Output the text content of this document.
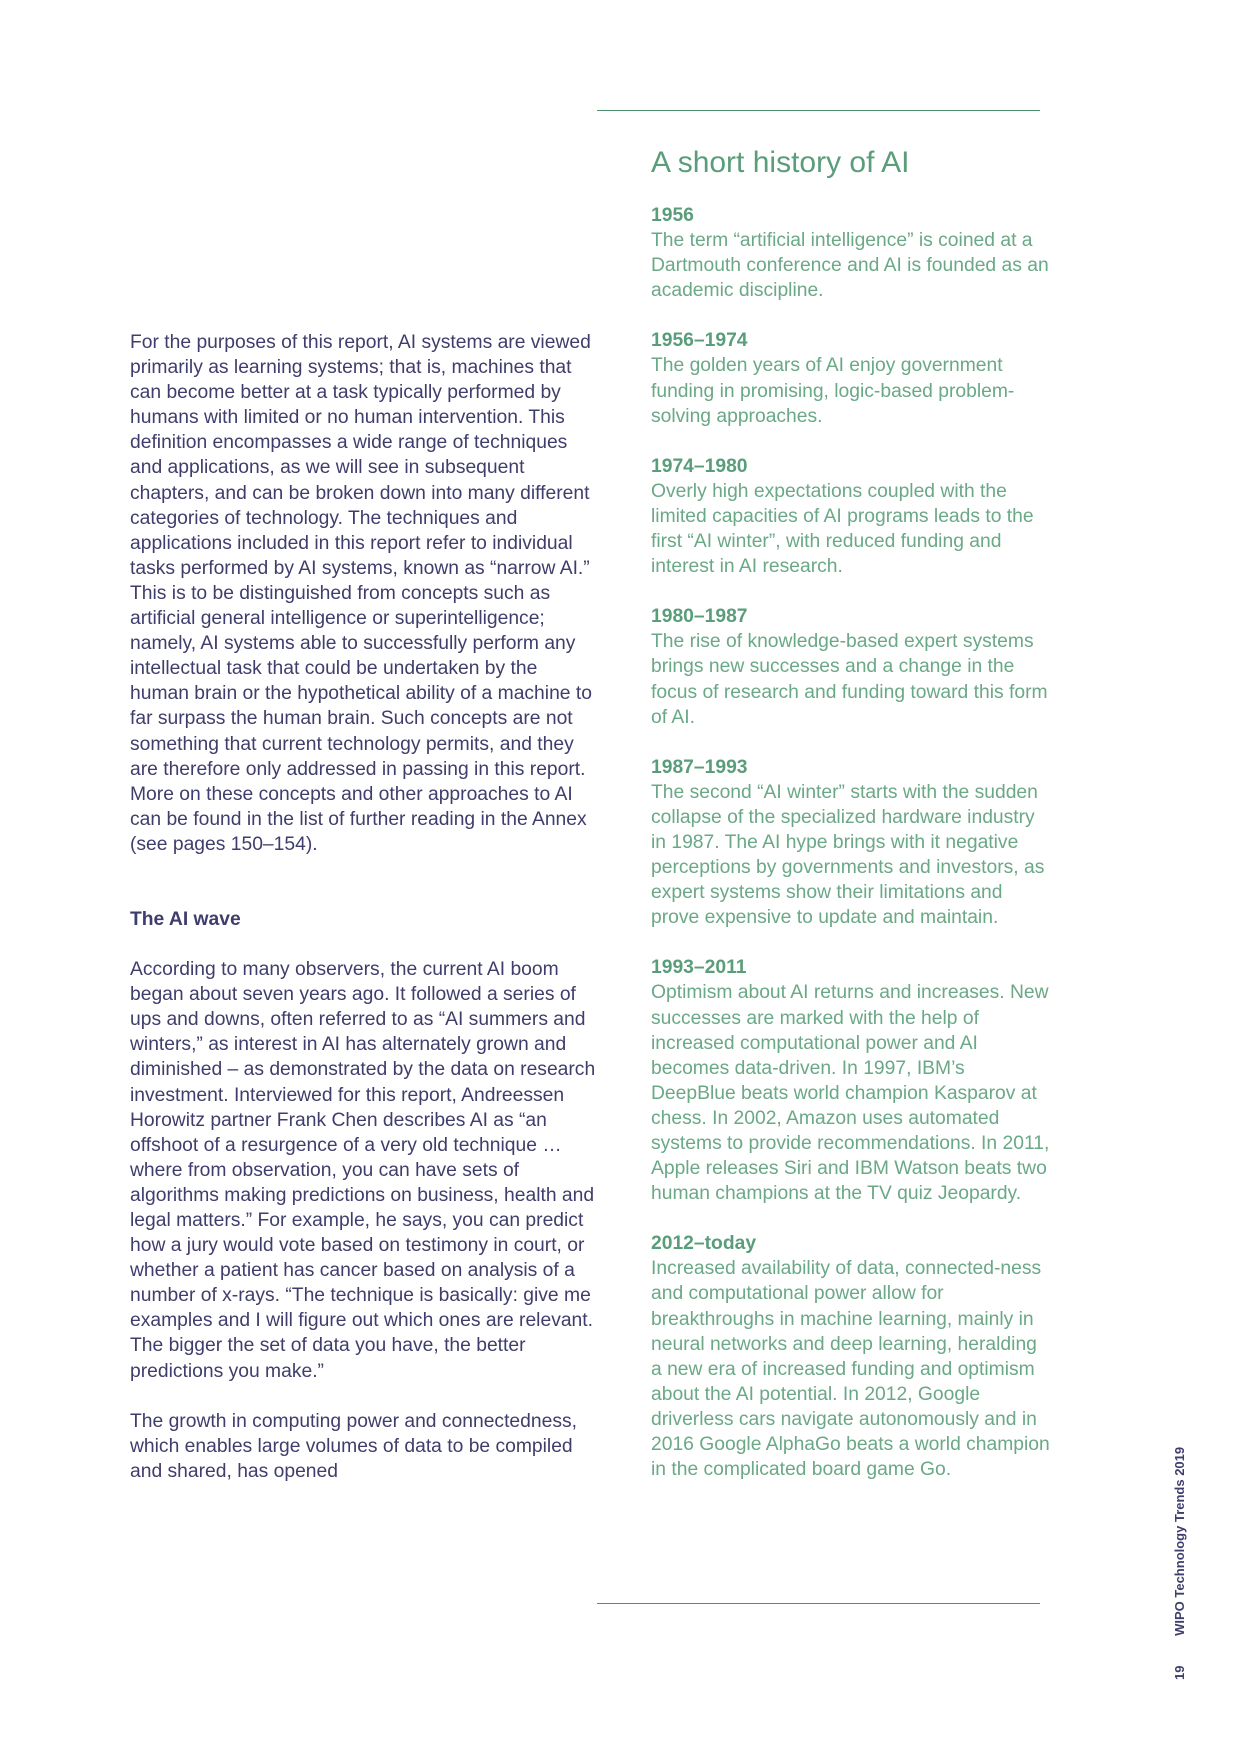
For the purposes of this report, AI systems are viewed primarily as learning systems; that is, machines that can become better at a task typically performed by humans with limited or no human intervention. This definition encompasses a wide range of techniques and applications, as we will see in subsequent chapters, and can be broken down into many different categories of technology. The techniques and applications included in this report refer to individual tasks performed by AI systems, known as “narrow AI.” This is to be distinguished from concepts such as artificial general intelligence or superintelligence; namely, AI systems able to successfully perform any intellectual task that could be undertaken by the human brain or the hypothetical ability of a machine to far surpass the human brain. Such concepts are not something that current technology permits, and they are therefore only addressed in passing in this report. More on these concepts and other approaches to AI can be found in the list of further reading in the Annex (see pages 150–154).

The AI wave

According to many observers, the current AI boom began about seven years ago. It followed a series of ups and downs, often referred to as “AI summers and winters,” as interest in AI has alternately grown and diminished – as demonstrated by the data on research investment. Interviewed for this report, Andreessen Horowitz partner Frank Chen describes AI as “an offshoot of a resurgence of a very old technique … where from observation, you can have sets of algorithms making predictions on business, health and legal matters.” For example, he says, you can predict how a jury would vote based on testimony in court, or whether a patient has cancer based on analysis of a number of x-rays. “The technique is basically: give me examples and I will figure out which ones are relevant. The bigger the set of data you have, the better predictions you make.”

The growth in computing power and connectedness, which enables large volumes of data to be compiled and shared, has opened

A short history of AI
1956

The term “artificial intelligence” is coined at a Dartmouth conference and AI is founded as an academic discipline.

1956–1974

The golden years of AI enjoy government funding in promising, logic-based problem-solving approaches.

1974–1980

Overly high expectations coupled with the limited capacities of AI programs leads to the first “AI winter”, with reduced funding and interest in AI research.

1980–1987

The rise of knowledge-based expert systems brings new successes and a change in the focus of research and funding toward this form of AI.

1987–1993

The second “AI winter” starts with the sudden collapse of the specialized hardware industry in 1987. The AI hype brings with it negative perceptions by governments and investors, as expert systems show their limitations and prove expensive to update and maintain.

1993–2011

Optimism about AI returns and increases. New successes are marked with the help of increased computational power and AI becomes data-driven. In 1997, IBM’s DeepBlue beats world champion Kasparov at chess. In 2002, Amazon uses automated systems to provide recommendations. In 2011, Apple releases Siri and IBM Watson beats two human champions at the TV quiz Jeopardy.

2012–today

Increased availability of data, connected-ness and computational power allow for breakthroughs in machine learning, mainly in neural networks and deep learning, heralding a new era of increased funding and optimism about the AI potential. In 2012, Google driverless cars navigate autonomously and in 2016 Google AlphaGo beats a world champion in the complicated board game Go.

19 WIPO Technology Trends 2019
